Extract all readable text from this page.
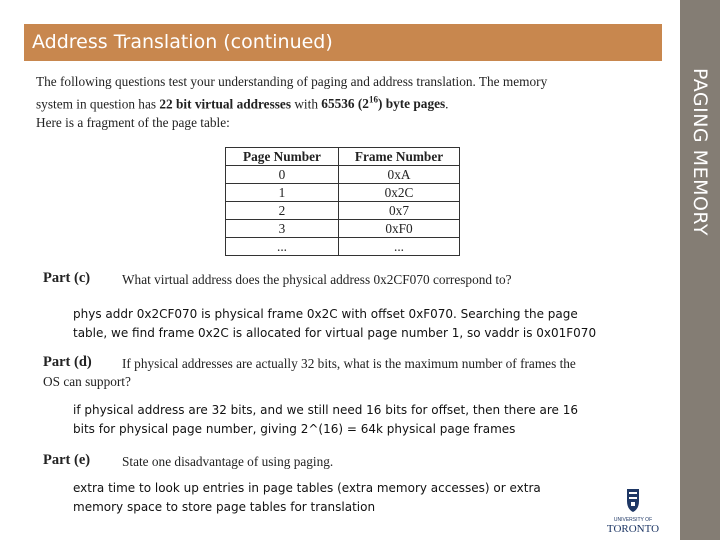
Address Translation (continued)
PAGING MEMORY
The following questions test your understanding of paging and address translation. The memory
system in question has 22 bit virtual addresses with 65536 $(2^{16})$ byte pages.
Here is a fragment of the page table:
Page Number	Frame Number
0	0xA
1	0x2C
2	0x7
3	0xF0
...	...
Part (c) What virtual address does the physical address 0x2CF070 correspond to?
phys addr 0x2CF070 is physical frame 0x2C with offset 0xF070. Searching the page
table, we find frame 0x2C is allocated for virtual page number 1, so vaddr is 0x01F070
Part (d) If physical addresses are actually 32 bits, what is the maximum number of frames the
OS can support?
if physical address are 32 bits, and we still need 16 bits for offset, then there are 16
bits for physical page number, giving 2^(16) = 64k physical page frames
Part (e) State one disadvantage of using paging.
extra time to look up entries in page tables (extra memory accesses) or extra
memory space to store page tables for translation
UNIVERSITY OF
TORONTO
